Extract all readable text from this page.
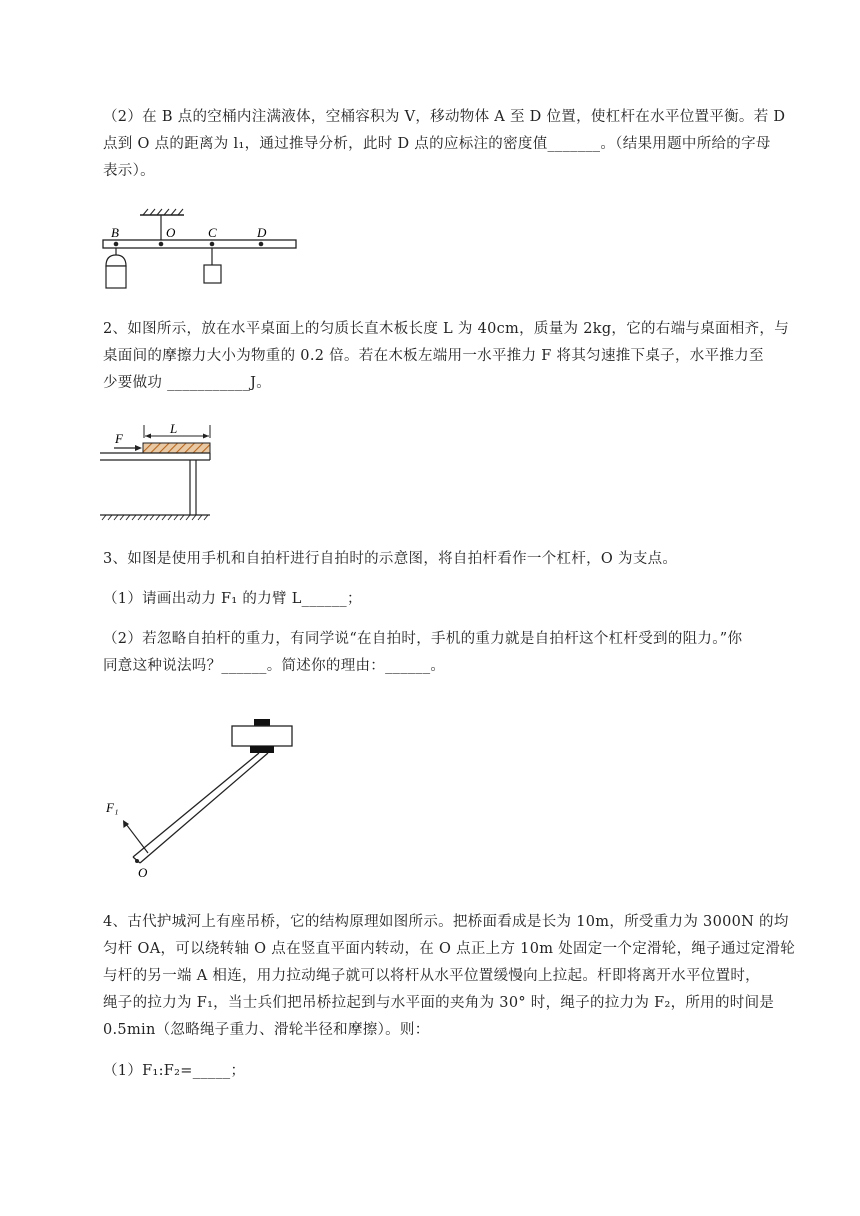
（2）在 B 点的空桶内注满液体，空桶容积为 V，移动物体 A 至 D 位置，使杠杆在水平位置平衡。若 D
点到 O 点的距离为 l₁，通过推导分析，此时 D 点的应标注的密度值_______。（结果用题中所给的字母
表示）。
B	O	C	D
2、如图所示，放在水平桌面上的匀质长直木板长度 L 为 40cm，质量为 2kg，它的右端与桌面相齐，与
桌面间的摩擦力大小为物重的 0.2 倍。若在木板左端用一水平推力 F 将其匀速推下桌子，水平推力至
少要做功 ___________J。
L
F
3、如图是使用手机和自拍杆进行自拍时的示意图，将自拍杆看作一个杠杆，O 为支点。
（1）请画出动力 F₁ 的力臂 L______；
（2）若忽略自拍杆的重力，有同学说“在自拍时，手机的重力就是自拍杆这个杠杆受到的阻力。”你
同意这种说法吗？______。简述你的理由：______。
F₁
O
4、古代护城河上有座吊桥，它的结构原理如图所示。把桥面看成是长为 10m，所受重力为 3000N 的均
匀杆 OA，可以绕转轴 O 点在竖直平面内转动，在 O 点正上方 10m 处固定一个定滑轮，绳子通过定滑轮
与杆的另一端 A 相连，用力拉动绳子就可以将杆从水平位置缓慢向上拉起。杆即将离开水平位置时，
绳子的拉力为 F₁，当士兵们把吊桥拉起到与水平面的夹角为 30° 时，绳子的拉力为 F₂，所用的时间是
0.5min（忽略绳子重力、滑轮半径和摩擦）。则：
（1）F₁:F₂=_____；
